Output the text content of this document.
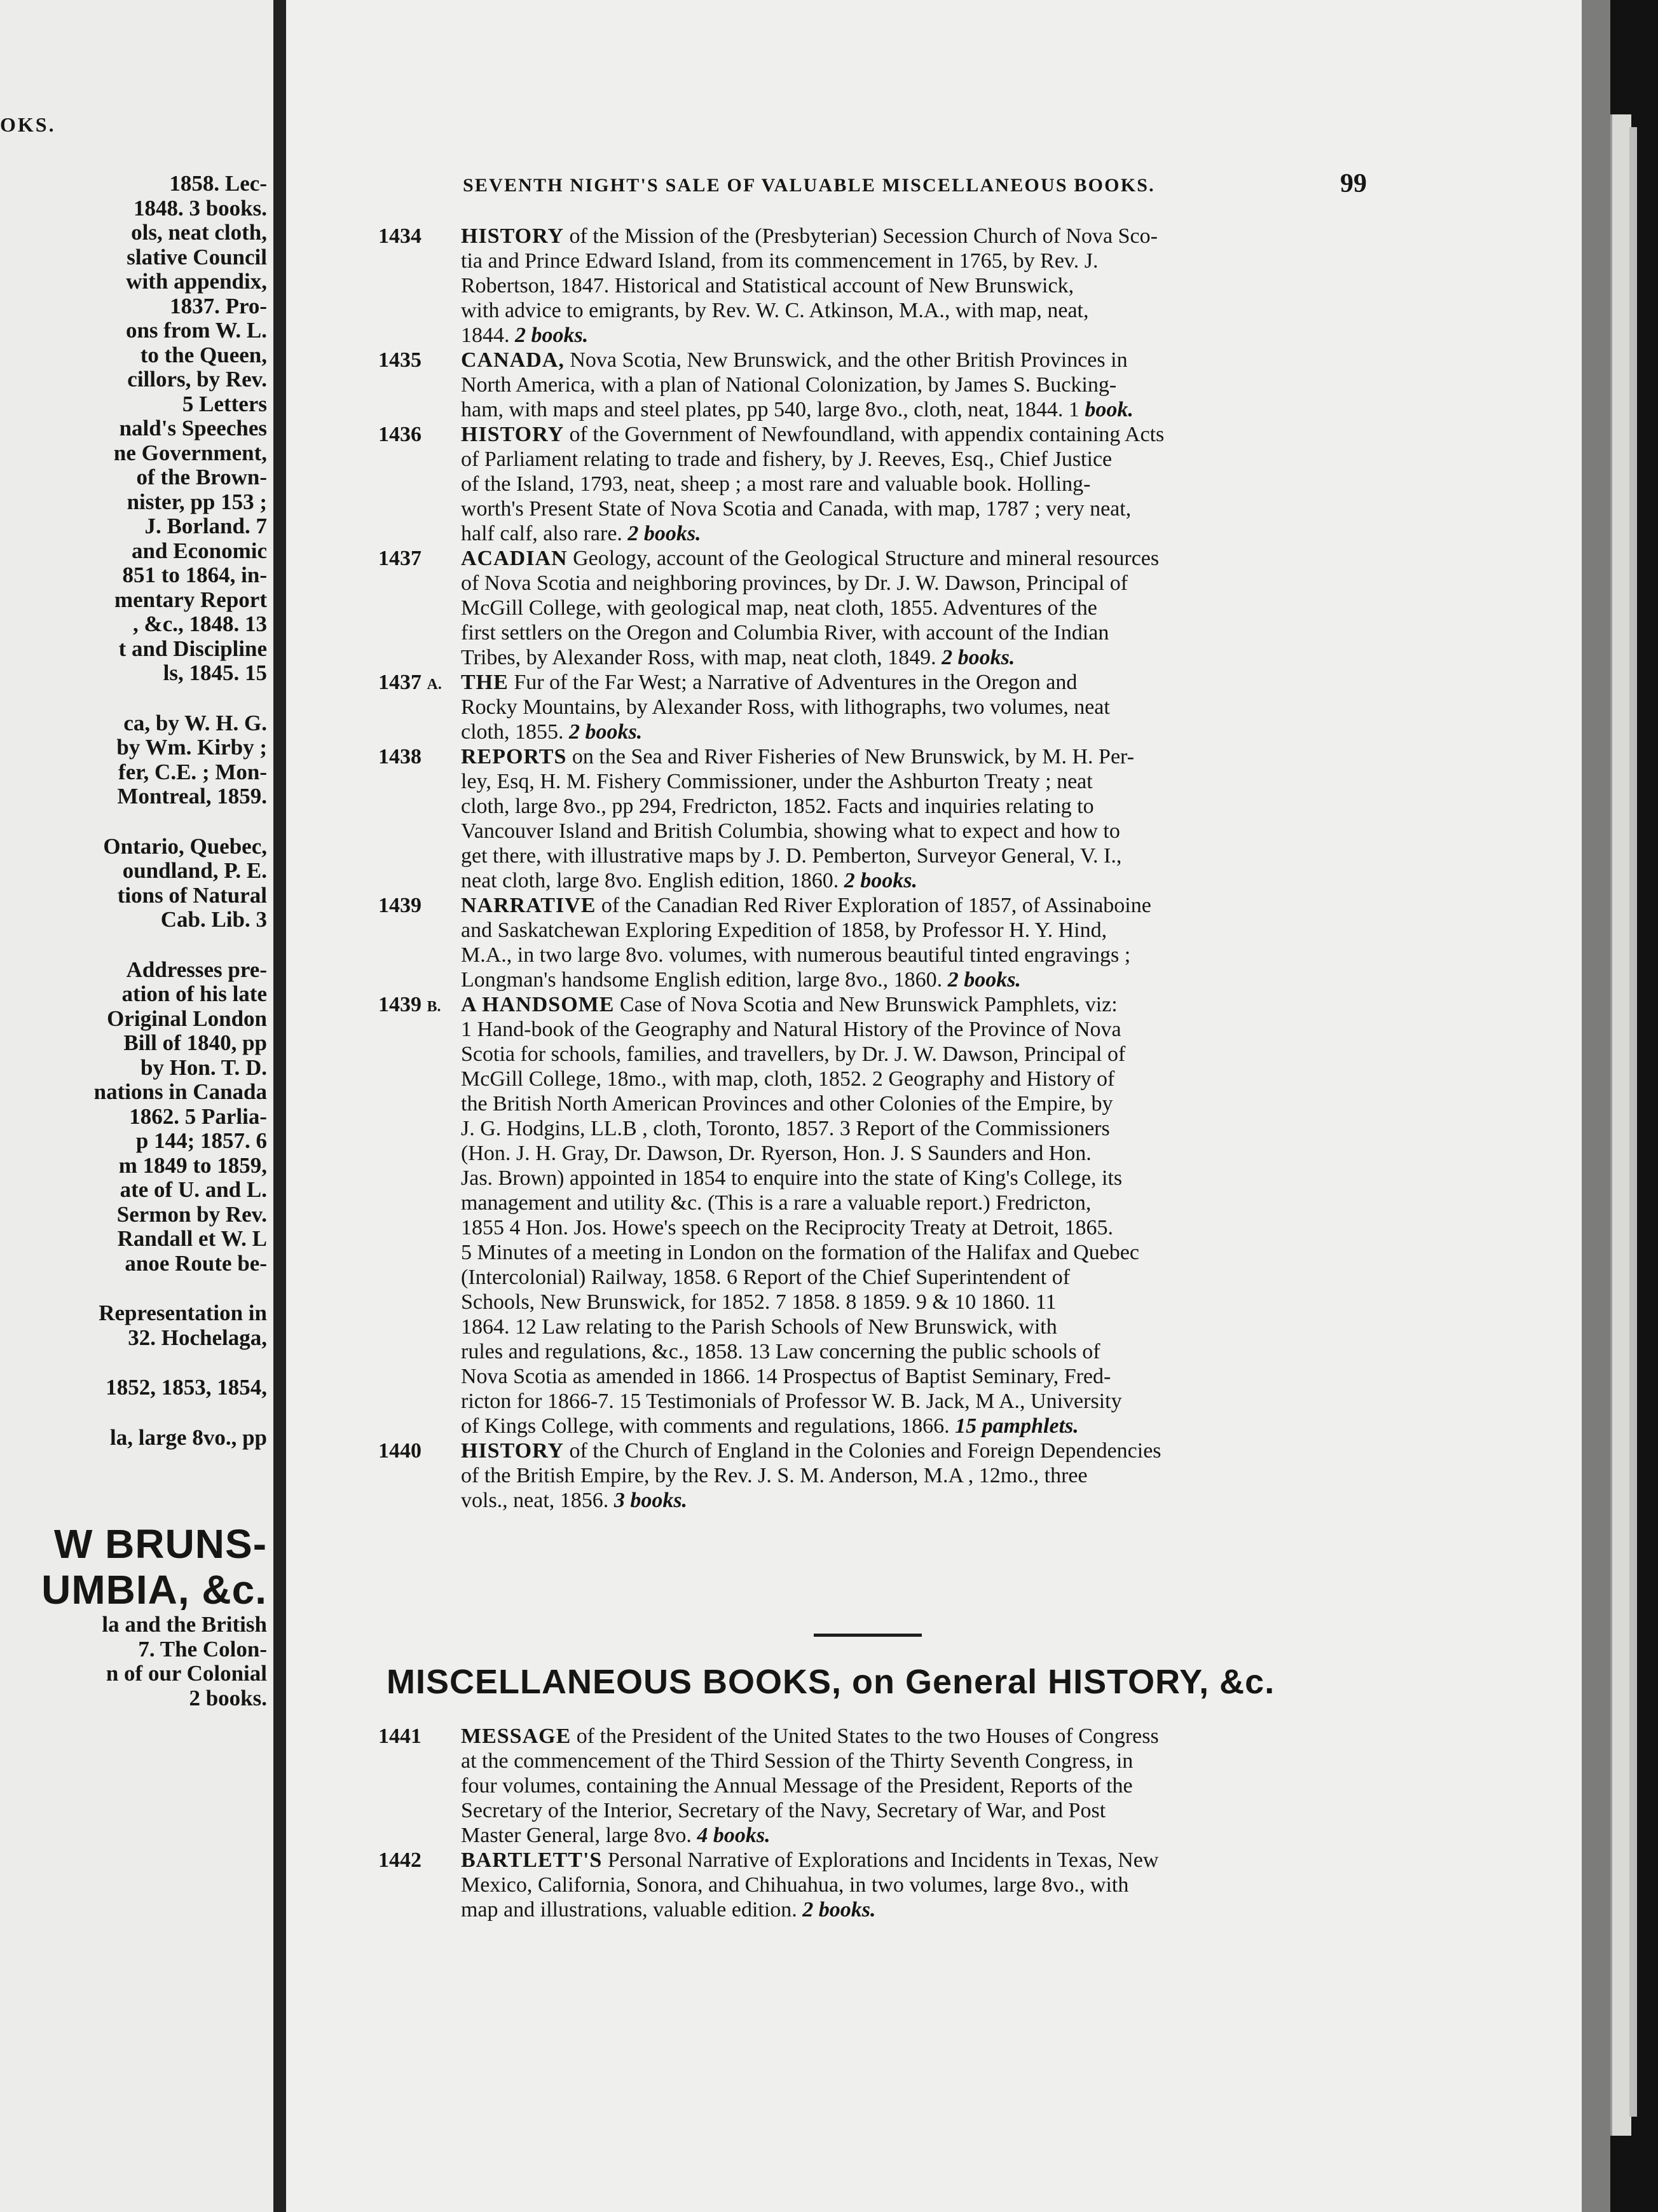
OKS.
1858. Lec-
1848. 3 books.
ols, neat cloth,
slative Council
with appendix,
1837. Pro-
ons from W. L.
to the Queen,
cillors, by Rev.
5 Letters
nald's Speeches
ne Government,
of the Brown-
nister, pp 153 ;
J. Borland. 7
and Economic
851 to 1864, in-
mentary Report
, &c., 1848. 13
t and Discipline
ls, 1845. 15
ca, by W. H. G.
by Wm. Kirby ;
fer, C.E. ; Mon-
Montreal, 1859.
Ontario, Quebec,
oundland, P. E.
tions of Natural
Cab. Lib. 3
Addresses pre-
ation of his late
Original London
Bill of 1840, pp
by Hon. T. D.
nations in Canada
1862. 5 Parlia-
p 144; 1857. 6
m 1849 to 1859,
ate of U. and L.
Sermon by Rev.
Randall et W. L
anoe Route be-
Representation in
32. Hochelaga,
1852, 1853, 1854,
la, large 8vo., pp
W BRUNS-
UMBIA, &c.
la and the British
7. The Colon-
n of our Colonial
2 books.
SEVENTH NIGHT'S SALE OF VALUABLE MISCELLANEOUS BOOKS.	99
1434 HISTORY of the Mission of the (Presbyterian) Secession Church of Nova Sco-
tia and Prince Edward Island, from its commencement in 1765, by Rev. J.
Robertson, 1847. Historical and Statistical account of New Brunswick,
with advice to emigrants, by Rev. W. C. Atkinson, M.A., with map, neat,
1844. 2 books.
1435 CANADA, Nova Scotia, New Brunswick, and the other British Provinces in
North America, with a plan of National Colonization, by James S. Bucking-
ham, with maps and steel plates, pp 540, large 8vo., cloth, neat, 1844. 1 book.
1436 HISTORY of the Government of Newfoundland, with appendix containing Acts
of Parliament relating to trade and fishery, by J. Reeves, Esq., Chief Justice
of the Island, 1793, neat, sheep ; a most rare and valuable book. Holling-
worth's Present State of Nova Scotia and Canada, with map, 1787 ; very neat,
half calf, also rare. 2 books.
1437 ACADIAN Geology, account of the Geological Structure and mineral resources
of Nova Scotia and neighboring provinces, by Dr. J. W. Dawson, Principal of
McGill College, with geological map, neat cloth, 1855. Adventures of the
first settlers on the Oregon and Columbia River, with account of the Indian
Tribes, by Alexander Ross, with map, neat cloth, 1849. 2 books.
1437 A. THE Fur of the Far West; a Narrative of Adventures in the Oregon and
Rocky Mountains, by Alexander Ross, with lithographs, two volumes, neat
cloth, 1855. 2 books.
1438 REPORTS on the Sea and River Fisheries of New Brunswick, by M. H. Per-
ley, Esq, H. M. Fishery Commissioner, under the Ashburton Treaty ; neat
cloth, large 8vo., pp 294, Fredricton, 1852. Facts and inquiries relating to
Vancouver Island and British Columbia, showing what to expect and how to
get there, with illustrative maps by J. D. Pemberton, Surveyor General, V. I.,
neat cloth, large 8vo. English edition, 1860. 2 books.
1439 NARRATIVE of the Canadian Red River Exploration of 1857, of Assinaboine
and Saskatchewan Exploring Expedition of 1858, by Professor H. Y. Hind,
M.A., in two large 8vo. volumes, with numerous beautiful tinted engravings ;
Longman's handsome English edition, large 8vo., 1860. 2 books.
1439 B. A HANDSOME Case of Nova Scotia and New Brunswick Pamphlets, viz:
1 Hand-book of the Geography and Natural History of the Province of Nova
Scotia for schools, families, and travellers, by Dr. J. W. Dawson, Principal of
McGill College, 18mo., with map, cloth, 1852. 2 Geography and History of
the British North American Provinces and other Colonies of the Empire, by
J. G. Hodgins, LL.B , cloth, Toronto, 1857. 3 Report of the Commissioners
(Hon. J. H. Gray, Dr. Dawson, Dr. Ryerson, Hon. J. S Saunders and Hon.
Jas. Brown) appointed in 1854 to enquire into the state of King's College, its
management and utility &c. (This is a rare a valuable report.) Fredricton,
1855 4 Hon. Jos. Howe's speech on the Reciprocity Treaty at Detroit, 1865.
5 Minutes of a meeting in London on the formation of the Halifax and Quebec
(Intercolonial) Railway, 1858. 6 Report of the Chief Superintendent of
Schools, New Brunswick, for 1852. 7 1858. 8 1859. 9 & 10 1860. 11
1864. 12 Law relating to the Parish Schools of New Brunswick, with
rules and regulations, &c., 1858. 13 Law concerning the public schools of
Nova Scotia as amended in 1866. 14 Prospectus of Baptist Seminary, Fred-
ricton for 1866-7. 15 Testimonials of Professor W. B. Jack, M A., University
of Kings College, with comments and regulations, 1866. 15 pamphlets.
1440 HISTORY of the Church of England in the Colonies and Foreign Dependencies
of the British Empire, by the Rev. J. S. M. Anderson, M.A , 12mo., three
vols., neat, 1856. 3 books.
MISCELLANEOUS BOOKS, on General HISTORY, &c.
1441 MESSAGE of the President of the United States to the two Houses of Congress
at the commencement of the Third Session of the Thirty Seventh Congress, in
four volumes, containing the Annual Message of the President, Reports of the
Secretary of the Interior, Secretary of the Navy, Secretary of War, and Post
Master General, large 8vo. 4 books.
1442 BARTLETT'S Personal Narrative of Explorations and Incidents in Texas, New
Mexico, California, Sonora, and Chihuahua, in two volumes, large 8vo., with
map and illustrations, valuable edition. 2 books.
